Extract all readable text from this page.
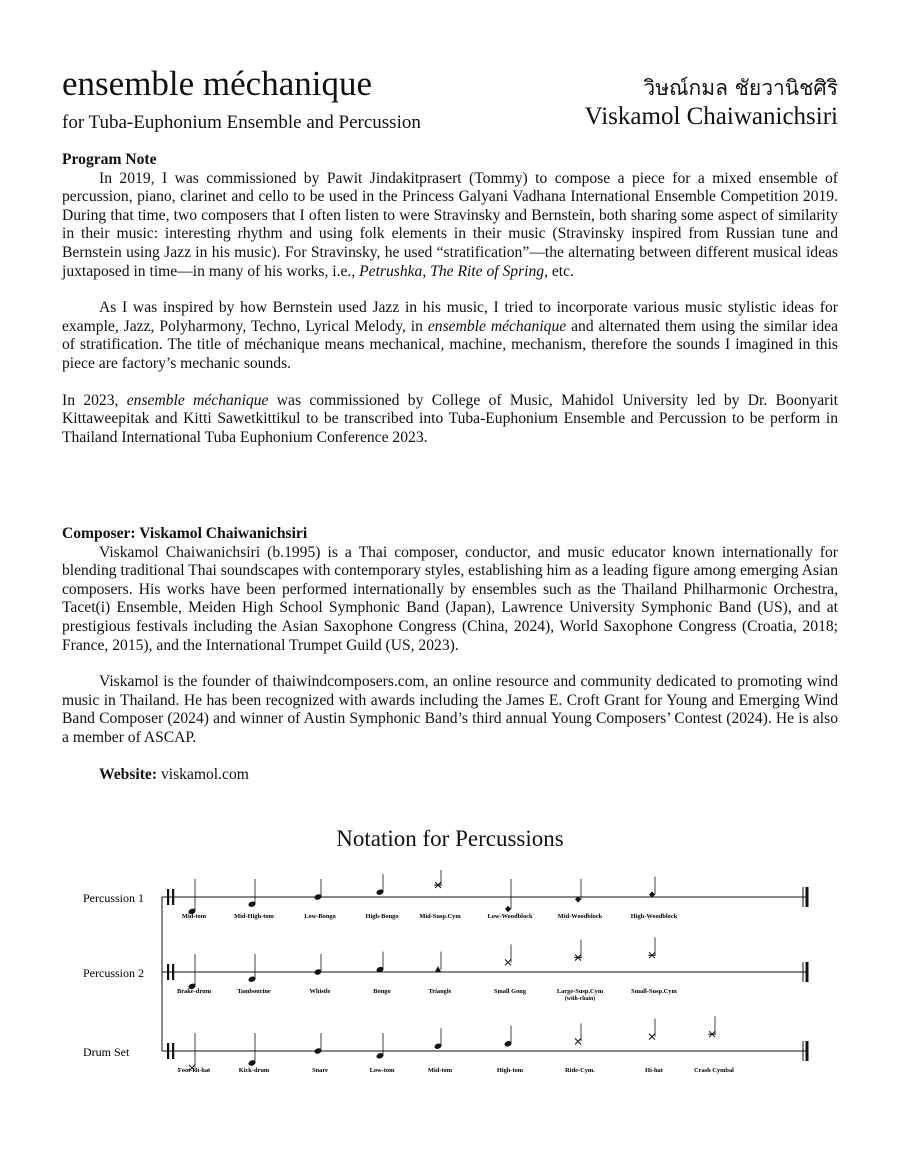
ensemble méchanique
for Tuba-Euphonium Ensemble and Percussion
วิษณ์กมล ชัยวานิชศิริ
Viskamol Chaiwanichsiri
Program Note
In 2019, I was commissioned by Pawit Jindakitprasert (Tommy) to compose a piece for a mixed ensemble of percussion, piano, clarinet and cello to be used in the Princess Galyani Vadhana International Ensemble Competition 2019. During that time, two composers that I often listen to were Stravinsky and Bernstein, both sharing some aspect of similarity in their music: interesting rhythm and using folk elements in their music (Stravinsky inspired from Russian tune and Bernstein using Jazz in his music). For Stravinsky, he used “stratification”—the alternating between different musical ideas juxtaposed in time—in many of his works, i.e., Petrushka, The Rite of Spring, etc.
As I was inspired by how Bernstein used Jazz in his music, I tried to incorporate various music stylistic ideas for example, Jazz, Polyharmony, Techno, Lyrical Melody, in ensemble méchanique and alternated them using the similar idea of stratification. The title of méchanique means mechanical, machine, mechanism, therefore the sounds I imagined in this piece are factory’s mechanic sounds.
In 2023, ensemble méchanique was commissioned by College of Music, Mahidol University led by Dr. Boonyarit Kittaweepitak and Kitti Sawetkittikul to be transcribed into Tuba-Euphonium Ensemble and Percussion to be perform in Thailand International Tuba Euphonium Conference 2023.
Composer: Viskamol Chaiwanichsiri
Viskamol Chaiwanichsiri (b.1995) is a Thai composer, conductor, and music educator known internationally for blending traditional Thai soundscapes with contemporary styles, establishing him as a leading figure among emerging Asian composers. His works have been performed internationally by ensembles such as the Thailand Philharmonic Orchestra, Tacet(i) Ensemble, Meiden High School Symphonic Band (Japan), Lawrence University Symphonic Band (US), and at prestigious festivals including the Asian Saxophone Congress (China, 2024), World Saxophone Congress (Croatia, 2018; France, 2015), and the International Trumpet Guild (US, 2023).
Viskamol is the founder of thaiwindcomposers.com, an online resource and community dedicated to promoting wind music in Thailand. He has been recognized with awards including the James E. Croft Grant for Young and Emerging Wind Band Composer (2024) and winner of Austin Symphonic Band’s third annual Young Composers’ Contest (2024). He is also a member of ASCAP.
Website: viskamol.com
Notation for Percussions
Percussion 1
Mid-tom	Mid-High-tom	Low-Bongo	High-Bongo	Mid-Susp.Cym	Low-Woodblock	Mid-Woodblock	High-Woodblock
Percussion 2
Brake-drum	Tambourine	Whistle	Bongo	Triangle	Small Gong	Large-Susp.Cym
(with-chain)
Small-Susp.Cym
Drum Set
Foot-Hi-hat	Kick-drum	Snare	Low-tom	Mid-tom	High-tom	Ride-Cym.	Hi-hat	Crash Cymbal
